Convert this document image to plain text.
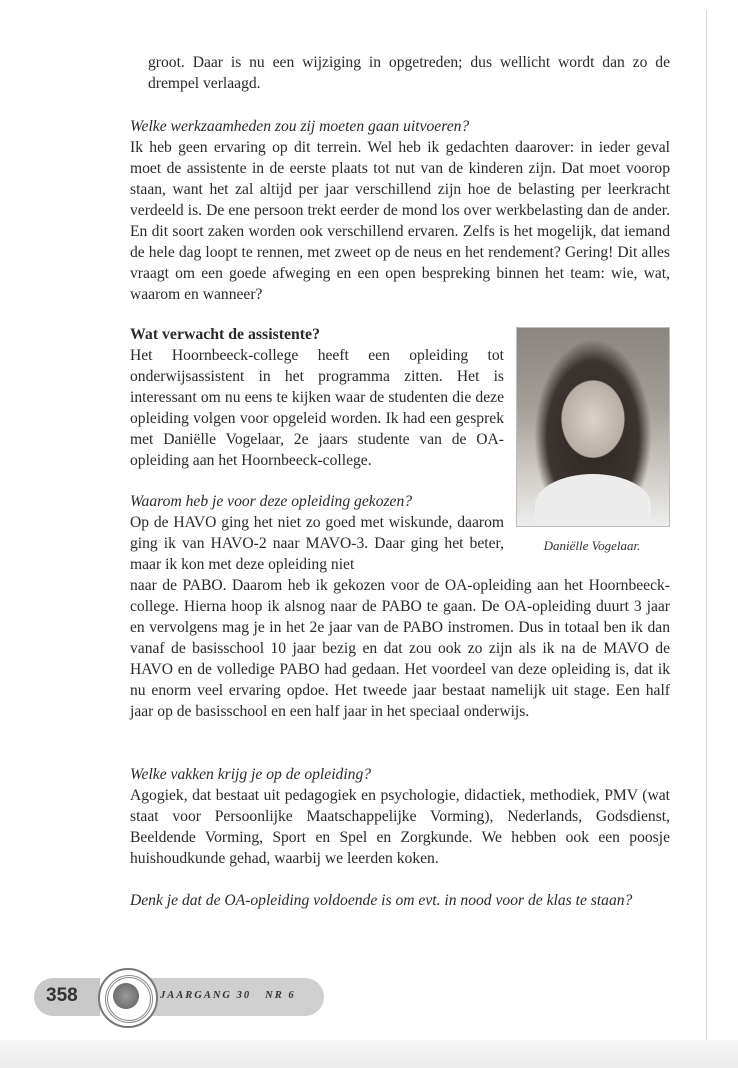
groot. Daar is nu een wijziging in opgetreden; dus wellicht wordt dan zo de drempel verlaagd.

Welke werkzaamheden zou zij moeten gaan uitvoeren?

Ik heb geen ervaring op dit terrein. Wel heb ik gedachten daarover: in ieder geval moet de assistente in de eerste plaats tot nut van de kinderen zijn. Dat moet voorop staan, want het zal altijd per jaar verschillend zijn hoe de belasting per leerkracht verdeeld is. De ene persoon trekt eerder de mond los over werkbelasting dan de ander. En dit soort zaken worden ook verschillend ervaren. Zelfs is het mogelijk, dat iemand de hele dag loopt te rennen, met zweet op de neus en het rendement? Gering! Dit alles vraagt om een goede afweging en een open bespreking binnen het team: wie, wat, waarom en wanneer?

Wat verwacht de assistente?

Het Hoornbeeck-college heeft een opleiding tot onderwijsassistent in het programma zitten. Het is interessant om nu eens te kijken waar de studenten die deze opleiding volgen voor opgeleid worden. Ik had een gesprek met Daniëlle Vogelaar, 2e jaars studente van de OA-opleiding aan het Hoornbeeck-college.

Daniëlle Vogelaar.

Waarom heb je voor deze opleiding gekozen?

Op de HAVO ging het niet zo goed met wiskunde, daarom ging ik van HAVO-2 naar MAVO-3. Daar ging het beter, maar ik kon met deze opleiding niet

naar de PABO. Daarom heb ik gekozen voor de OA-opleiding aan het Hoornbeeck-college. Hierna hoop ik alsnog naar de PABO te gaan. De OA-opleiding duurt 3 jaar en vervolgens mag je in het 2e jaar van de PABO instromen. Dus in totaal ben ik dan vanaf de basisschool 10 jaar bezig en dat zou ook zo zijn als ik na de MAVO de HAVO en de volledige PABO had gedaan. Het voordeel van deze opleiding is, dat ik nu enorm veel ervaring opdoe. Het tweede jaar bestaat namelijk uit stage. Een half jaar op de basisschool en een half jaar in het speciaal onderwijs.

Welke vakken krijg je op de opleiding?

Agogiek, dat bestaat uit pedagogiek en psychologie, didactiek, methodiek, PMV (wat staat voor Persoonlijke Maatschappelijke Vorming), Nederlands, Godsdienst, Beeldende Vorming, Sport en Spel en Zorgkunde. We hebben ook een poosje huishoudkunde gehad, waarbij we leerden koken.

Denk je dat de OA-opleiding voldoende is om evt. in nood voor de klas te staan?

358	JAARGANG 30 NR 6
